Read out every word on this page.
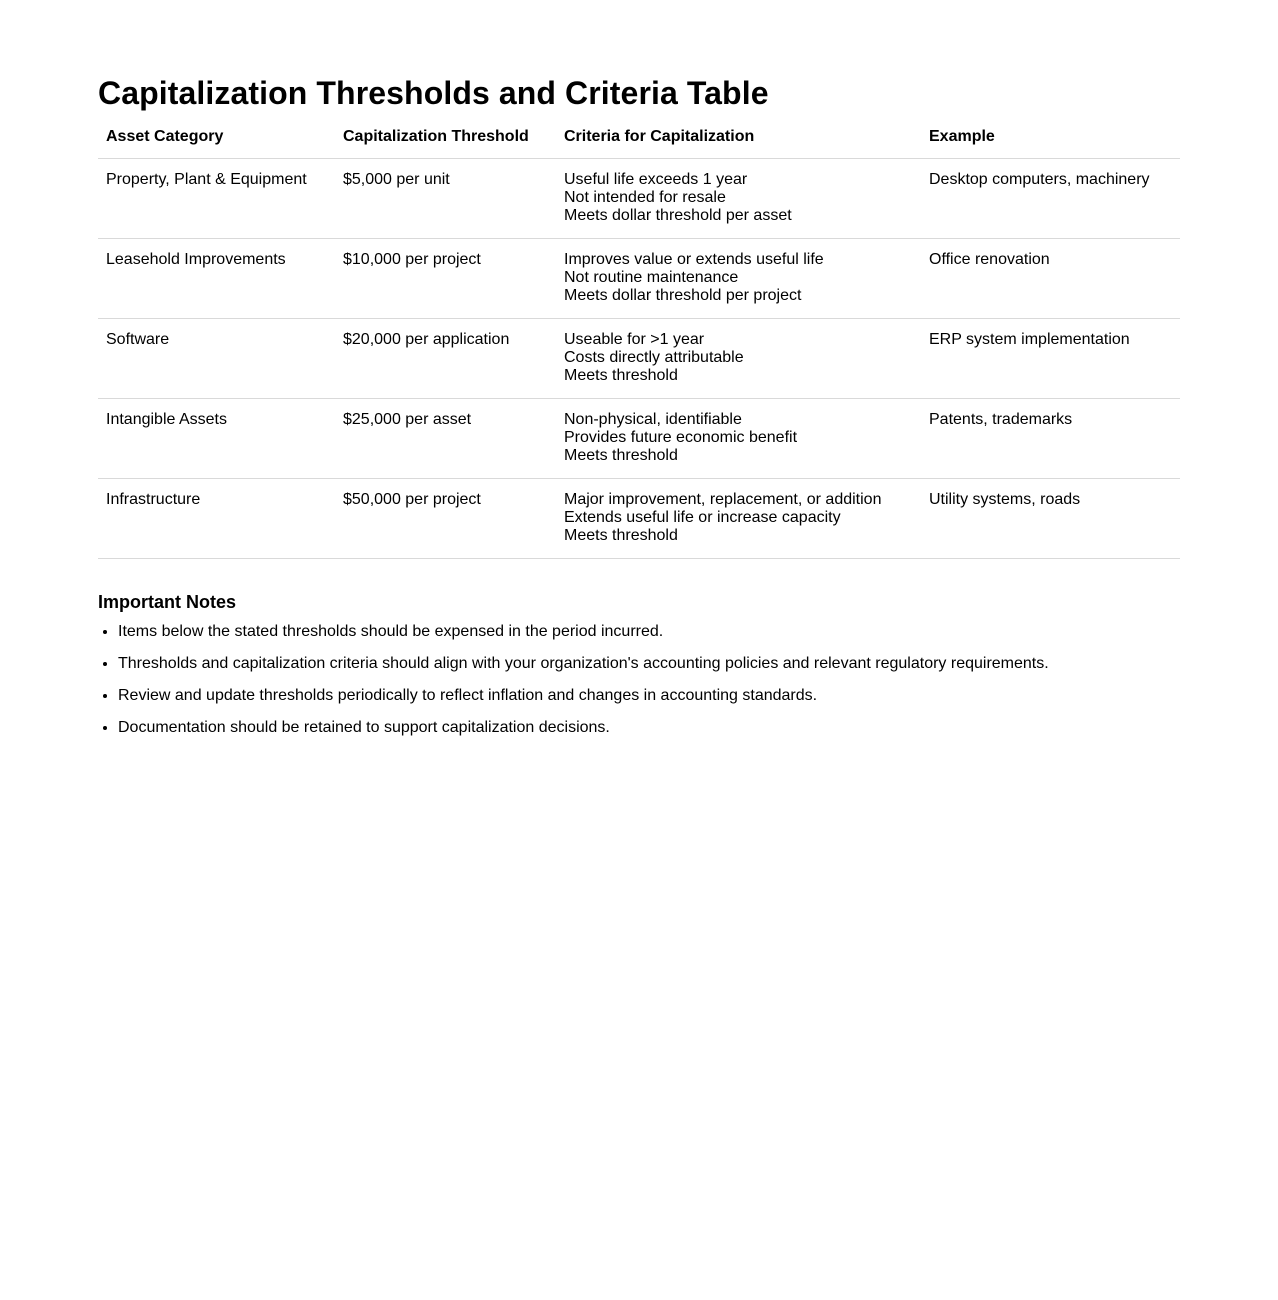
Capitalization Thresholds and Criteria Table
Asset Category	Capitalization Threshold	Criteria for Capitalization	Example
Property, Plant & Equipment	$5,000 per unit	Useful life exceeds 1 year
Not intended for resale
Meets dollar threshold per asset	Desktop computers, machinery
Leasehold Improvements	$10,000 per project	Improves value or extends useful life
Not routine maintenance
Meets dollar threshold per project	Office renovation
Software	$20,000 per application	Useable for >1 year
Costs directly attributable
Meets threshold	ERP system implementation
Intangible Assets	$25,000 per asset	Non-physical, identifiable
Provides future economic benefit
Meets threshold	Patents, trademarks
Infrastructure	$50,000 per project	Major improvement, replacement, or addition
Extends useful life or increase capacity
Meets threshold	Utility systems, roads
Important Notes
• Items below the stated thresholds should be expensed in the period incurred.
• Thresholds and capitalization criteria should align with your organization's accounting policies and relevant regulatory requirements.
• Review and update thresholds periodically to reflect inflation and changes in accounting standards.
• Documentation should be retained to support capitalization decisions.
